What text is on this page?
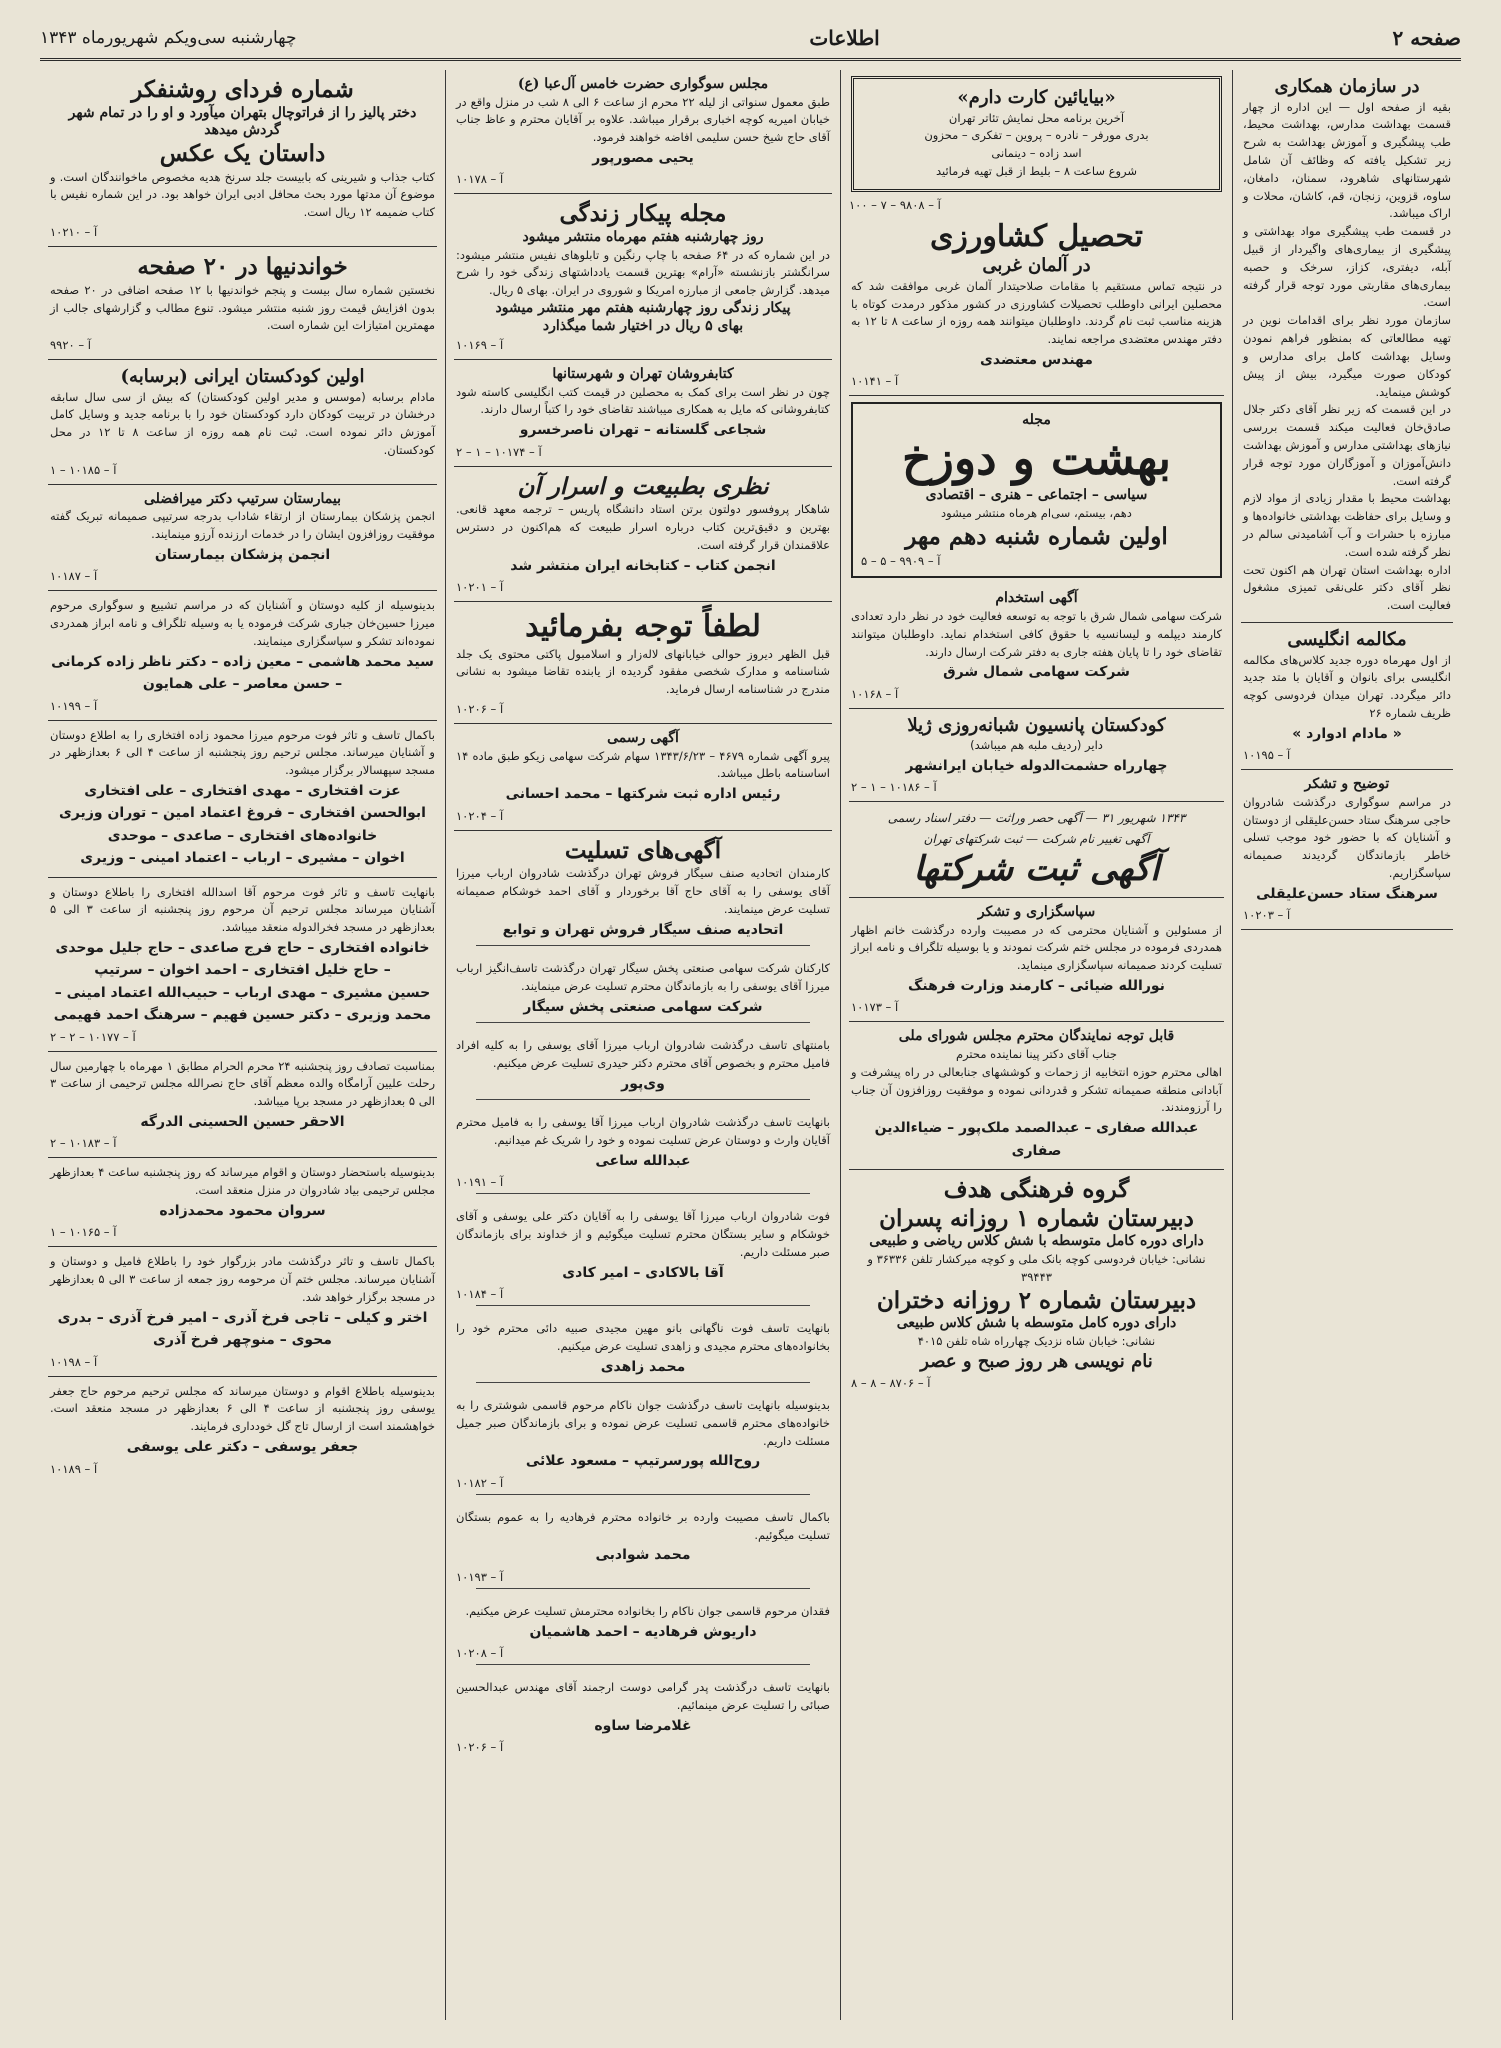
صفحه ۲
اطلاعات
چهارشنبه سی‌ویکم شهریورماه ۱۳۴۳
در سازمان همکاری
بقیه از صفحه اول — این اداره از چهار قسمت بهداشت مدارس، بهداشت محیط، طب پیشگیری و آموزش بهداشت به شرح زیر تشکیل یافته که وظائف آن شامل شهرستانهای شاهرود، سمنان، دامغان، ساوه، قزوین، زنجان، قم، کاشان، محلات و اراک میباشد.
در قسمت طب پیشگیری مواد بهداشتی و پیشگیری از بیماری‌های واگیردار از قبیل آبله، دیفتری، کزاز، سرخک و حصبه بیماری‌های مقاربتی مورد توجه قرار گرفته است.
سازمان مورد نظر برای اقدامات نوین در تهیه مطالعاتی که بمنظور فراهم نمودن وسایل بهداشت کامل برای مدارس و کودکان صورت میگیرد، بیش از پیش کوشش مینماید.
در این قسمت که زیر نظر آقای دکتر جلال صادق‌خان فعالیت میکند قسمت بررسی نیازهای بهداشتی مدارس و آموزش بهداشت دانش‌آموزان و آموزگاران مورد توجه قرار گرفته است.
بهداشت محیط با مقدار زیادی از مواد لازم و وسایل برای حفاظت بهداشتی خانواده‌ها و مبارزه با حشرات و آب آشامیدنی سالم در نظر گرفته شده است.
اداره بهداشت استان تهران هم اکنون تحت نظر آقای دکتر علی‌نقی تمیزی مشغول فعالیت است.
مکالمه انگلیسی
از اول مهرماه دوره جدید کلاس‌های مکالمه انگلیسی برای بانوان و آقایان با متد جدید دائر میگردد. تهران میدان فردوسی کوچه ظریف شماره ۲۶
« مادام ادوارد »
آ – ۱۰۱۹۵
توضیح و تشکر
در مراسم سوگواری درگذشت شادروان حاجی سرهنگ ستاد حسن‌علیقلی از دوستان و آشنایان که با حضور خود موجب تسلی خاطر بازماندگان گردیدند صمیمانه سپاسگزاریم.
سرهنگ ستاد حسن‌علیقلی
آ – ۱۰۲۰۳
«بیایائین کارت دارم»
آخرین برنامه محل نمایش تئاتر تهران
بدری مورفر – نادره – پروین – تفکری – محزون
اسد زاده – دینمانی
شروع ساعت ۸ – بلیط از قبل تهیه فرمائید
آ – ۹۸۰۸ – ۷ – ۱۰۰
تحصیل کشاورزی
در آلمان غربی
در نتیجه تماس مستقیم با مقامات صلاحیتدار آلمان غربی موافقت شد که محصلین ایرانی داوطلب تحصیلات کشاورزی در کشور مذکور درمدت کوتاه با هزینه مناسب ثبت نام گردند. داوطلبان میتوانند همه روزه از ساعت ۸ تا ۱۲ به دفتر مهندس معتضدی مراجعه نمایند.
مهندس معتضدی
آ – ۱۰۱۴۱
مجله
بهشت و دوزخ
سیاسی – اجتماعی – هنری – اقتصادی
دهم، بیستم، سی‌ام هرماه منتشر میشود
اولین شماره شنبه دهم مهر
آ – ۹۹۰۹ – ۵ – ۵
آگهی استخدام
شرکت سهامی شمال شرق با توجه به توسعه فعالیت خود در نظر دارد تعدادی کارمند دیپلمه و لیسانسیه با حقوق کافی استخدام نماید. داوطلبان میتوانند تقاضای خود را تا پایان هفته جاری به دفتر شرکت ارسال دارند.
شرکت سهامی شمال شرق
آ – ۱۰۱۶۸
کودکستان پانسیون شبانه‌روزی ژیلا
دایر (ردیف ملبه هم میباشد)
چهارراه حشمت‌الدوله خیابان ایرانشهر
آ – ۱۰۱۸۶ – ۱ – ۲
۱۳۴۳ شهریور ۳۱ — آگهی حصر وراثت — دفتر اسناد رسمی
آگهی تغییر نام شرکت — ثبت شرکتهای تهران
آگهی ثبت شرکتها
سپاسگزاری و تشکر
از مسئولین و آشنایان محترمی که در مصیبت وارده درگذشت خانم اظهار همدردی فرموده در مجلس ختم شرکت نمودند و یا بوسیله تلگراف و نامه ابراز تسلیت کردند صمیمانه سپاسگزاری مینماید.
نورالله ضیائی – کارمند وزارت فرهنگ
آ – ۱۰۱۷۳
قابل توجه نمایندگان محترم مجلس شورای ملی
جناب آقای دکتر پینا نماینده محترم
اهالی محترم حوزه انتخابیه از زحمات و کوششهای جنابعالی در راه پیشرفت و آبادانی منطقه صمیمانه تشکر و قدردانی نموده و موفقیت روزافزون آن جناب را آرزومندند.
عبدالله صفاری – عبدالصمد ملک‌پور – ضیاءالدین صفاری
گروه فرهنگی هدف
دبیرستان شماره ۱ روزانه پسران
دارای دوره کامل متوسطه با شش کلاس ریاضی و طبیعی
نشانی: خیابان فردوسی کوچه بانک ملی و کوچه میرکشار تلفن ۳۶۳۳۶ و ۳۹۴۴۳
دبیرستان شماره ۲ روزانه دختران
دارای دوره کامل متوسطه با شش کلاس طبیعی
نشانی: خیابان شاه نزدیک چهارراه شاه تلفن ۴۰۱۵
نام نویسی هر روز صبح و عصر
آ – ۸۷۰۶ – ۸ – ۸
مجلس سوگواری حضرت خامس آل‌عبا (ع)
طبق معمول سنواتی از لیله ۲۲ محرم از ساعت ۶ الی ۸ شب در منزل واقع در خیابان امیریه کوچه اخباری برقرار میباشد. علاوه بر آقایان محترم و عاظ جناب آقای حاج شیخ حسن سلیمی افاضه خواهند فرمود.
یحیی مصورپور
آ – ۱۰۱۷۸
مجله پیکار زندگی
روز چهارشنبه هفتم مهرماه منتشر میشود
در این شماره که در ۶۴ صفحه با چاپ رنگین و تابلوهای نفیس منتشر میشود: سرانگشتر بازنشسته «آرام» بهترین قسمت یادداشتهای زندگی خود را شرح میدهد. گزارش جامعی از مبارزه امریکا و شوروی در ایران. بهای ۵ ریال.
پیکار زندگی روز چهارشنبه هفتم مهر منتشر میشود
بهای ۵ ریال در اختیار شما میگذارد
آ – ۱۰۱۶۹
کتابفروشان تهران و شهرستانها
چون در نظر است برای کمک به محصلین در قیمت کتب انگلیسی کاسته شود کتابفروشانی که مایل به همکاری میباشند تقاضای خود را کتباً ارسال دارند.
شجاعی گلستانه – تهران ناصرخسرو
آ – ۱۰۱۷۴ – ۱ – ۲
نظری بطبیعت و اسرار آن
شاهکار پروفسور دولتون برتن استاد دانشگاه پاریس – ترجمه معهد قانعی. بهترین و دقیق‌ترین کتاب درباره اسرار طبیعت که هم‌اکنون در دسترس علاقمندان قرار گرفته است.
انجمن کتاب – کتابخانه ایران منتشر شد
آ – ۱۰۲۰۱
لطفاً توجه بفرمائید
قبل الظهر دیروز حوالی خیابانهای لاله‌زار و اسلامبول پاکتی محتوی یک جلد شناسنامه و مدارک شخصی مفقود گردیده از یابنده تقاضا میشود به نشانی مندرج در شناسنامه ارسال فرماید.
آ – ۱۰۲۰۶
آگهی رسمی
پیرو آگهی شماره ۴۶۷۹ – ۱۳۴۳/۶/۲۳ سهام شرکت سهامی زیکو طبق ماده ۱۴ اساسنامه باطل میباشد.
رئیس اداره ثبت شرکتها – محمد احسانی
آ – ۱۰۲۰۴
آگهی‌های تسلیت
کارمندان اتحادیه صنف سیگار فروش تهران درگذشت شادروان ارباب میرزا آقای یوسفی را به آقای حاج آقا برخوردار و آقای احمد خوشکام صمیمانه تسلیت عرض مینمایند.
اتحادیه صنف سیگار فروش تهران و توابع
کارکنان شرکت سهامی صنعتی پخش سیگار تهران درگذشت تاسف‌انگیز ارباب میرزا آقای یوسفی را به بازماندگان محترم تسلیت عرض مینمایند.
شرکت سهامی صنعتی پخش سیگار
بامنتهای تاسف درگذشت شادروان ارباب میرزا آقای یوسفی را به کلیه افراد فامیل محترم و بخصوص آقای محترم دکتر حیدری تسلیت عرض میکنیم.
وی‌پور
بانهایت تاسف درگذشت شادروان ارباب میرزا آقا یوسفی را به فامیل محترم آقایان وارث و دوستان عرض تسلیت نموده و خود را شریک غم میدانیم.
عبدالله ساعی
آ – ۱۰۱۹۱
فوت شادروان ارباب میرزا آقا یوسفی را به آقایان دکتر علی یوسفی و آقای خوشکام و سایر بستگان محترم تسلیت میگوئیم و از خداوند برای بازماندگان صبر مسئلت داریم.
آقا بالاکادی – امیر کادی
آ – ۱۰۱۸۴
بانهایت تاسف فوت ناگهانی بانو مهین مجیدی صبیه دائی محترم خود را بخانواده‌های محترم مجیدی و زاهدی تسلیت عرض میکنیم.
محمد زاهدی
بدینوسیله بانهایت تاسف درگذشت جوان ناکام مرحوم قاسمی شوشتری را به خانواده‌های محترم قاسمی تسلیت عرض نموده و برای بازماندگان صبر جمیل مسئلت داریم.
روح‌الله پورسرتیپ – مسعود علائی
آ – ۱۰۱۸۲
باکمال تاسف مصیبت وارده بر خانواده محترم فرهادیه را به عموم بستگان تسلیت میگوئیم.
محمد شوادبی
آ – ۱۰۱۹۳
فقدان مرحوم قاسمی جوان ناکام را بخانواده محترمش تسلیت عرض میکنیم.
داریوش فرهادیه – احمد هاشمیان
آ – ۱۰۲۰۸
بانهایت تاسف درگذشت پدر گرامی دوست ارجمند آقای مهندس عبدالحسین صبائی را تسلیت عرض مینمائیم.
غلامرضا ساوه
آ – ۱۰۲۰۶
شماره فردای روشنفکر
دختر پالیز را از فراتوچال بتهران میآورد و او را در تمام شهر گردش میدهد
داستان یک عکس
کتاب جذاب و شیرینی که بابیست جلد سرنخ هدیه مخصوص ماخوانندگان است. و موضوع آن مدتها مورد بحث محافل ادبی ایران خواهد بود. در این شماره نفیس با کتاب ضمیمه ۱۲ ریال است.
آ – ۱۰۲۱۰
خواندنیها در ۲۰ صفحه
نخستین شماره سال بیست و پنجم خواندنیها با ۱۲ صفحه اضافی در ۲۰ صفحه بدون افزایش قیمت روز شنبه منتشر میشود. تنوع مطالب و گزارشهای جالب از مهمترین امتیازات این شماره است.
آ – ۹۹۲۰
اولین کودکستان ایرانی (برسابه)
مادام برسابه (موسس و مدیر اولین کودکستان) که بیش از سی سال سابقه درخشان در تربیت کودکان دارد کودکستان خود را با برنامه جدید و وسایل کامل آموزش دائر نموده است. ثبت نام همه روزه از ساعت ۸ تا ۱۲ در محل کودکستان.
آ – ۱۰۱۸۵ – ۱
بیمارستان سرتیپ دکتر میرافضلی
انجمن پزشکان بیمارستان از ارتقاء شاداب بدرجه سرتیپی صمیمانه تبریک گفته موفقیت روزافزون ایشان را در خدمات ارزنده آرزو مینمایند.
انجمن پزشکان بیمارستان
آ – ۱۰۱۸۷
بدینوسیله از کلیه دوستان و آشنایان که در مراسم تشییع و سوگواری مرحوم میرزا حسین‌خان جباری شرکت فرموده یا به وسیله تلگراف و نامه ابراز همدردی نموده‌اند تشکر و سپاسگزاری مینمایند.
سید محمد هاشمی – معین زاده – دکتر ناظر زاده کرمانی – حسن معاصر – علی همایون
آ – ۱۰۱۹۹
باکمال تاسف و تاثر فوت مرحوم میرزا محمود زاده افتخاری را به اطلاع دوستان و آشنایان میرساند. مجلس ترحیم روز پنجشنبه از ساعت ۴ الی ۶ بعدازظهر در مسجد سپهسالار برگزار میشود.
عزت افتخاری – مهدی افتخاری – علی افتخاری
ابوالحسن افتخاری – فروغ اعتماد امین – توران وزیری
خانواده‌های افتخاری – صاعدی – موحدی
اخوان – مشیری – ارباب – اعتماد امینی – وزیری
بانهایت تاسف و تاثر فوت مرحوم آقا اسدالله افتخاری را باطلاع دوستان و آشنایان میرساند مجلس ترحیم آن مرحوم روز پنجشنبه از ساعت ۳ الی ۵ بعدازظهر در مسجد فخرالدوله منعقد میباشد.
خانواده افتخاری – حاج فرج صاعدی – حاج جلیل موحدی – حاج خلیل افتخاری – احمد اخوان – سرتیپ
حسین مشیری – مهدی ارباب – حبیب‌الله اعتماد امینی – محمد وزیری – دکتر حسین فهیم – سرهنگ احمد فهیمی
آ – ۱۰۱۷۷ – ۲ – ۲
بمناسبت تصادف روز پنجشنبه ۲۴ محرم الحرام مطابق ۱ مهرماه با چهارمین سال رحلت علیین آرامگاه والده معظم آقای حاج نصرالله مجلس ترحیمی از ساعت ۳ الی ۵ بعدازظهر در مسجد برپا میباشد.
الاحقر حسین الحسینی الدرگه
آ – ۱۰۱۸۳ – ۲
بدینوسیله باستحضار دوستان و اقوام میرساند که روز پنجشنبه ساعت ۴ بعدازظهر مجلس ترحیمی بیاد شادروان در منزل منعقد است.
سروان محمود محمدزاده
آ – ۱۰۱۶۵ – ۱
باکمال تاسف و تاثر درگذشت مادر بزرگوار خود را باطلاع فامیل و دوستان و آشنایان میرساند. مجلس ختم آن مرحومه روز جمعه از ساعت ۳ الی ۵ بعدازظهر در مسجد برگزار خواهد شد.
اختر و کیلی – تاجی فرخ آذری – امیر فرخ آذری – بدری محوی – منوچهر فرخ آذری
آ – ۱۰۱۹۸
بدینوسیله باطلاع اقوام و دوستان میرساند که مجلس ترحیم مرحوم حاج جعفر یوسفی روز پنجشنبه از ساعت ۴ الی ۶ بعدازظهر در مسجد منعقد است. خواهشمند است از ارسال تاج گل خودداری فرمایند.
جعفر یوسفی – دکتر علی یوسفی
آ – ۱۰۱۸۹
